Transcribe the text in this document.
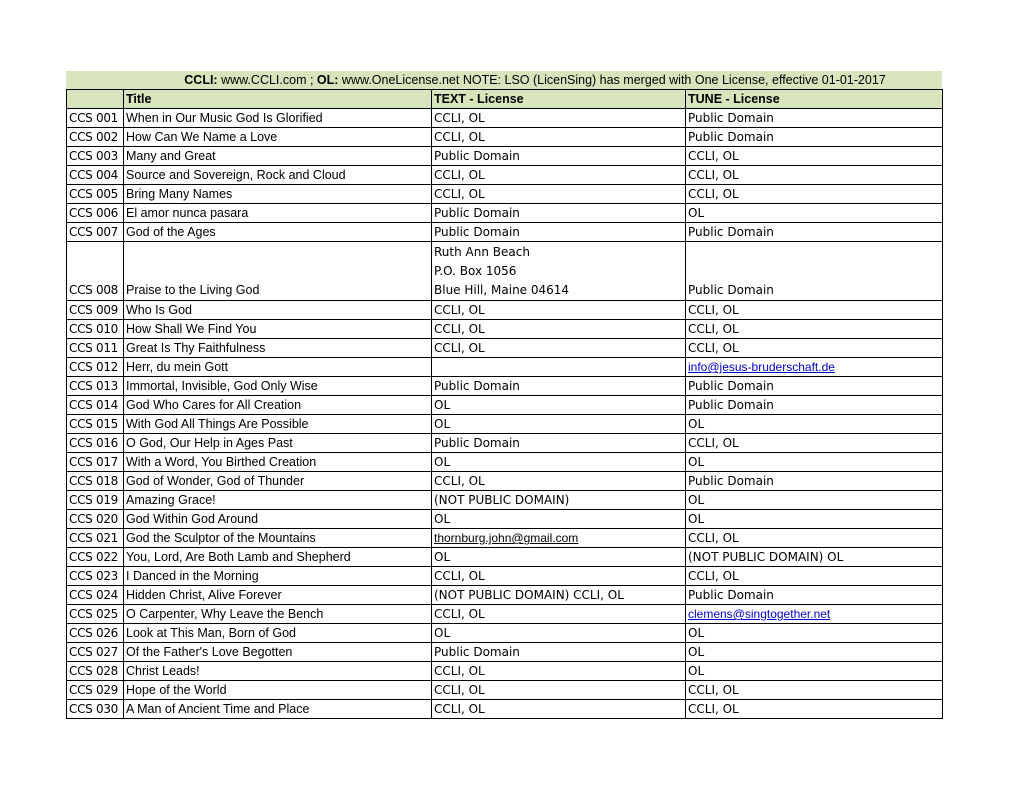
CCLI: www.CCLI.com ; OL: www.OneLicense.net NOTE: LSO (LicenSing) has merged with One License, effective 01-01-2017
	Title	TEXT - License	TUNE - License
CCS 001	When in Our Music God Is Glorified	CCLI, OL	Public Domain
CCS 002	How Can We Name a Love	CCLI, OL	Public Domain
CCS 003	Many and Great	Public Domain	CCLI, OL
CCS 004	Source and Sovereign, Rock and Cloud	CCLI, OL	CCLI, OL
CCS 005	Bring Many Names	CCLI, OL	CCLI, OL
CCS 006	El amor nunca pasara	Public Domain	OL
CCS 007	God of the Ages	Public Domain	Public Domain
CCS 008	Praise to the Living God	Ruth Ann Beach
P.O. Box 1056
Blue Hill, Maine 04614	Public Domain
CCS 009	Who Is God	CCLI, OL	CCLI, OL
CCS 010	How Shall We Find You	CCLI, OL	CCLI, OL
CCS 011	Great Is Thy Faithfulness	CCLI, OL	CCLI, OL
CCS 012	Herr, du mein Gott		info@jesus-bruderschaft.de
CCS 013	Immortal, Invisible, God Only Wise	Public Domain	Public Domain
CCS 014	God Who Cares for All Creation	OL	Public Domain
CCS 015	With God All Things Are Possible	OL	OL
CCS 016	O God, Our Help in Ages Past	Public Domain	CCLI, OL
CCS 017	With a Word, You Birthed Creation	OL	OL
CCS 018	God of Wonder, God of Thunder	CCLI, OL	Public Domain
CCS 019	Amazing Grace!	(NOT PUBLIC DOMAIN)	OL
CCS 020	God Within God Around	OL	OL
CCS 021	God the Sculptor of the Mountains	thornburg.john@gmail.com	CCLI, OL
CCS 022	You, Lord, Are Both Lamb and Shepherd	OL	(NOT PUBLIC DOMAIN) OL
CCS 023	I Danced in the Morning	CCLI, OL	CCLI, OL
CCS 024	Hidden Christ, Alive Forever	(NOT PUBLIC DOMAIN) CCLI, OL	Public Domain
CCS 025	O Carpenter, Why Leave the Bench	CCLI, OL	clemens@singtogether.net
CCS 026	Look at This Man, Born of God	OL	OL
CCS 027	Of the Father's Love Begotten	Public Domain	OL
CCS 028	Christ Leads!	CCLI, OL	OL
CCS 029	Hope of the World	CCLI, OL	CCLI, OL
CCS 030	A Man of Ancient Time and Place	CCLI, OL	CCLI, OL
